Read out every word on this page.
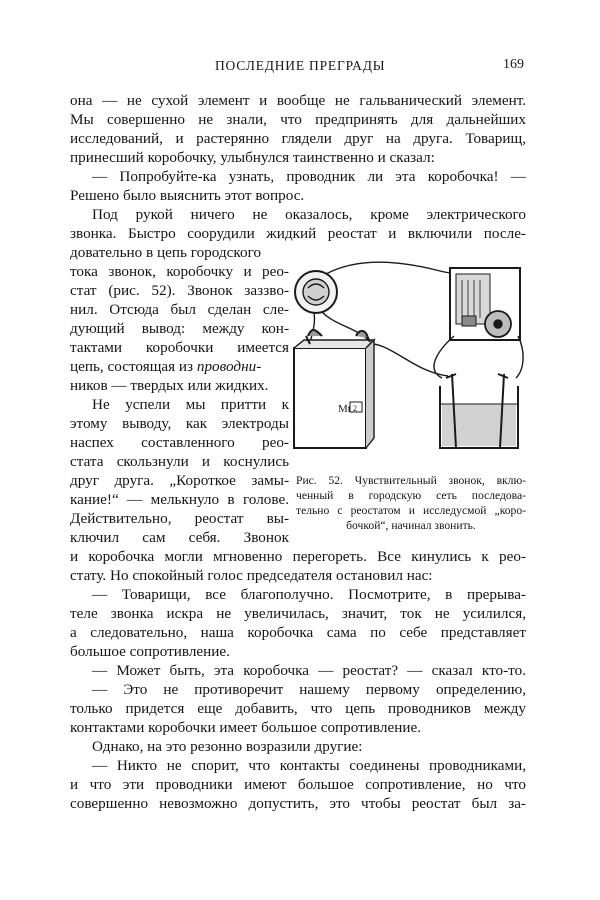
ПОСЛЕДНИЕ ПРЕГРАДЫ	169
она — не сухой элемент и вообще не гальванический элемент.
Мы совершенно не знали, что предпринять для дальнейших
исследований, и растерянно глядели друг на друга. Товарищ,
принесший коробочку, улыбнулся таинственно и сказал:
— Попробуйте-ка узнать, проводник ли эта коробочка! —
Решено было выяснить этот вопрос.
Под рукой ничего не оказалось, кроме электрического
звонка. Быстро соорудили жидкий реостат и включили после-
довательно в цепь городского
тока звонок, коробочку и рео-
стат (рис. 52). Звонок заззво-
нил. Отсюда был сделан сле-
дующий вывод: между кон-
тактами коробочки имеется
цепь, состоящая из проводни-
ников — твердых или жидких.
Не успели мы притти к
этому выводу, как электроды
наспех составленного рео-
стата скользнули и коснулись
друг друга. „Короткое замы-
кание!“ — мелькнуло в голове.
Действительно, реостат вы-
ключил сам себя. Звонок
и коробочка могли мгновенно перегореть. Все кинулись к рео-
стату. Но спокойный голос председателя остановил нас:
— Товарищи, все благополучно. Посмотрите, в прерыва-
теле звонка искра не увеличилась, значит, ток не усилился,
а следовательно, наша коробочка сама по себе представляет
большое сопротивление.
— Может быть, эта коробочка — реостат? — сказал кто-то.
— Это не противоречит нашему первому определению,
только придется еще добавить, что цепь проводников между
контактами коробочки имеет большое сопротивление.
Однако, на это резонно возразили другие:
— Никто не спорит, что контакты соединены проводниками,
и что эти проводники имеют большое сопротивление, но что
совершенно невозможно допустить, это чтобы реостат был за-
Mt 2
Рис. 52. Чувствительный звонок, вклю-
ченный в городскую сеть последова-
тельно с реостатом и исследусмой „коро-
бочкой“, начинал звонить.
